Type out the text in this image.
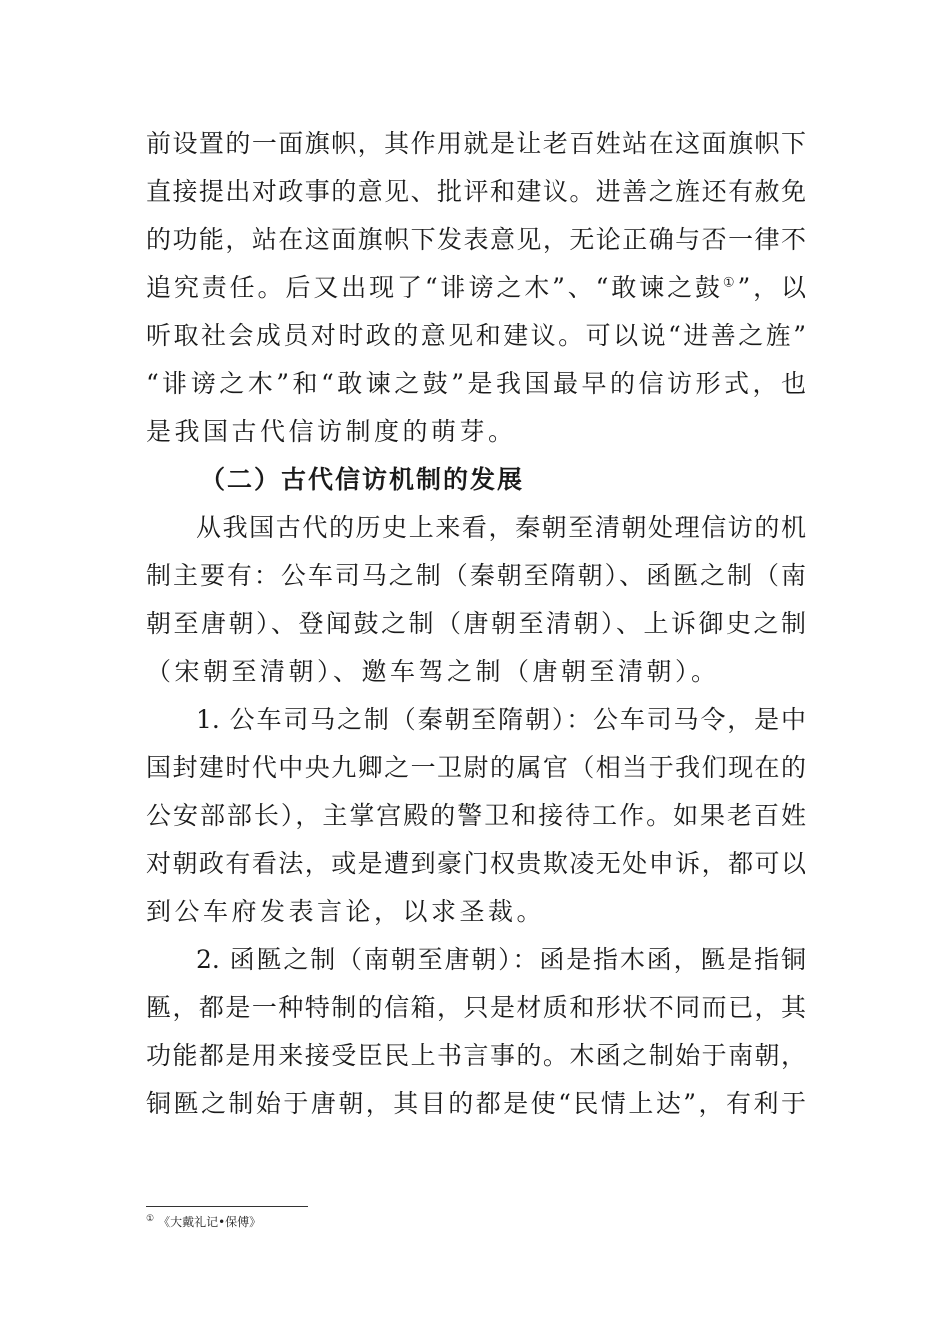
前设置的一面旗帜，其作用就是让老百姓站在这面旗帜下
直接提出对政事的意见、批评和建议。进善之旌还有赦免
的功能，站在这面旗帜下发表意见，无论正确与否一律不
追究责任。后又出现了“诽谤之木”、“敢谏之鼓①”，以
听取社会成员对时政的意见和建议。可以说“进善之旌”
“诽谤之木”和“敢谏之鼓”是我国最早的信访形式，也
是我国古代信访制度的萌芽。
（二）古代信访机制的发展
从我国古代的历史上来看，秦朝至清朝处理信访的机
制主要有：公车司马之制（秦朝至隋朝）、函匦之制（南
朝至唐朝）、登闻鼓之制（唐朝至清朝）、上诉御史之制
（宋朝至清朝）、邀车驾之制（唐朝至清朝）。
1. 公车司马之制（秦朝至隋朝）：公车司马令，是中
国封建时代中央九卿之一卫尉的属官（相当于我们现在的
公安部部长），主掌宫殿的警卫和接待工作。如果老百姓
对朝政有看法，或是遭到豪门权贵欺凌无处申诉，都可以
到公车府发表言论，以求圣裁。
2. 函匦之制（南朝至唐朝）：函是指木函，匦是指铜
匦，都是一种特制的信箱，只是材质和形状不同而已，其
功能都是用来接受臣民上书言事的。木函之制始于南朝，
铜匦之制始于唐朝，其目的都是使“民情上达”，有利于
① 《大戴礼记•保傅》
